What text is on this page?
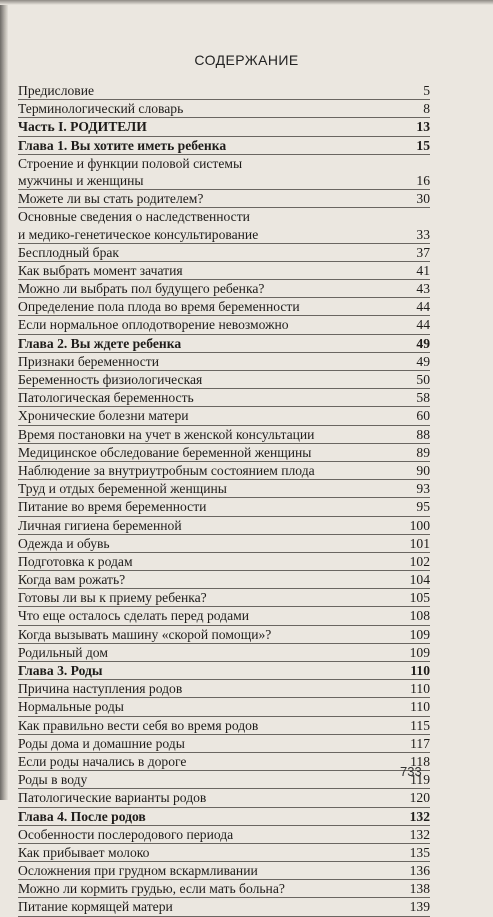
СОДЕРЖАНИЕ
Предисловие	5
Терминологический словарь	8
Часть I. РОДИТЕЛИ	13
Глава 1. Вы хотите иметь ребенка	15
Строение и функции половой системы
мужчины и женщины	16
Можете ли вы стать родителем?	30
Основные сведения о наследственности
и медико-генетическое консультирование	33
Бесплодный брак	37
Как выбрать момент зачатия	41
Можно ли выбрать пол будущего ребенка?	43
Определение пола плода во время беременности	44
Если нормальное оплодотворение невозможно	44
Глава 2. Вы ждете ребенка	49
Признаки беременности	49
Беременность физиологическая	50
Патологическая беременность	58
Хронические болезни матери	60
Время постановки на учет в женской консультации	88
Медицинское обследование беременной женщины	89
Наблюдение за внутриутробным состоянием плода	90
Труд и отдых беременной женщины	93
Питание во время беременности	95
Личная гигиена беременной	100
Одежда и обувь	101
Подготовка к родам	102
Когда вам рожать?	104
Готовы ли вы к приему ребенка?	105
Что еще осталось сделать перед родами	108
Когда вызывать машину «скорой помощи»?	109
Родильный дом	109
Глава 3. Роды	110
Причина наступления родов	110
Нормальные роды	110
Как правильно вести себя во время родов	115
Роды дома и домашние роды	117
Если роды начались в дороге	118
Роды в воду	119
Патологические варианты родов	120
Глава 4. После родов	132
Особенности послеродового периода	132
Как прибывает молоко	135
Осложнения при грудном вскармливании	136
Можно ли кормить грудью, если мать больна?	138
Питание кормящей матери	139
733
